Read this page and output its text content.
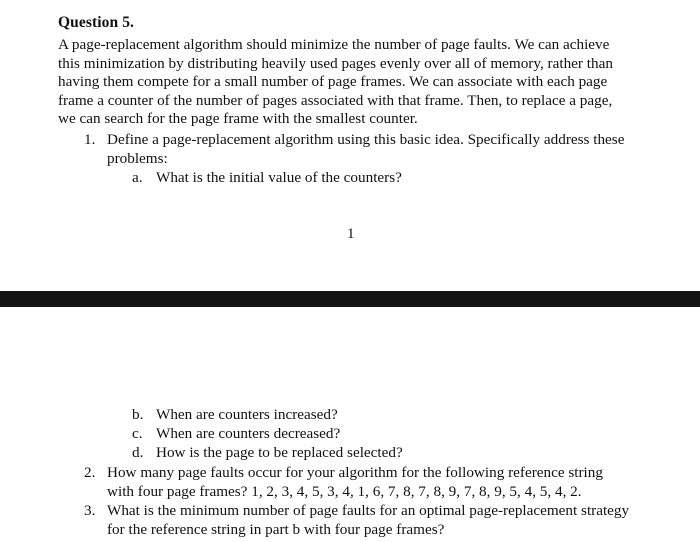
Question 5.
A page-replacement algorithm should minimize the number of page faults. We can achieve
this minimization by distributing heavily used pages evenly over all of memory, rather than
having them compete for a small number of page frames. We can associate with each page
frame a counter of the number of pages associated with that frame. Then, to replace a page,
we can search for the page frame with the smallest counter.
1. Define a page-replacement algorithm using this basic idea. Specifically address these
problems:
a. What is the initial value of the counters?
1
b. When are counters increased?
c. When are counters decreased?
d. How is the page to be replaced selected?
2. How many page faults occur for your algorithm for the following reference string
with four page frames? 1, 2, 3, 4, 5, 3, 4, 1, 6, 7, 8, 7, 8, 9, 7, 8, 9, 5, 4, 5, 4, 2.
3. What is the minimum number of page faults for an optimal page-replacement strategy
for the reference string in part b with four page frames?
